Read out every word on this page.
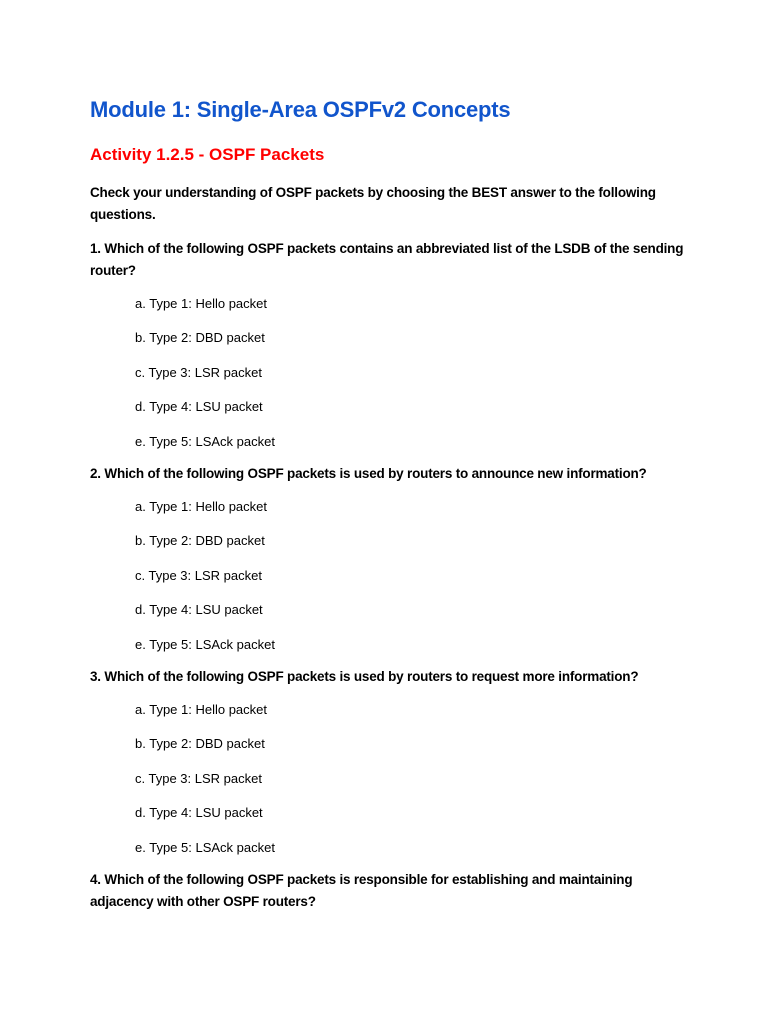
Module 1: Single-Area OSPFv2 Concepts
Activity 1.2.5 - OSPF Packets

Check your understanding of OSPF packets by choosing the BEST answer to the following questions.

1. Which of the following OSPF packets contains an abbreviated list of the LSDB of the sending router?

a. Type 1: Hello packet
b. Type 2: DBD packet
c. Type 3: LSR packet
d. Type 4: LSU packet
e. Type 5: LSAck packet

2. Which of the following OSPF packets is used by routers to announce new information?

a. Type 1: Hello packet
b. Type 2: DBD packet
c. Type 3: LSR packet
d. Type 4: LSU packet
e. Type 5: LSAck packet

3. Which of the following OSPF packets is used by routers to request more information?

a. Type 1: Hello packet
b. Type 2: DBD packet
c. Type 3: LSR packet
d. Type 4: LSU packet
e. Type 5: LSAck packet

4. Which of the following OSPF packets is responsible for establishing and maintaining adjacency with other OSPF routers?
